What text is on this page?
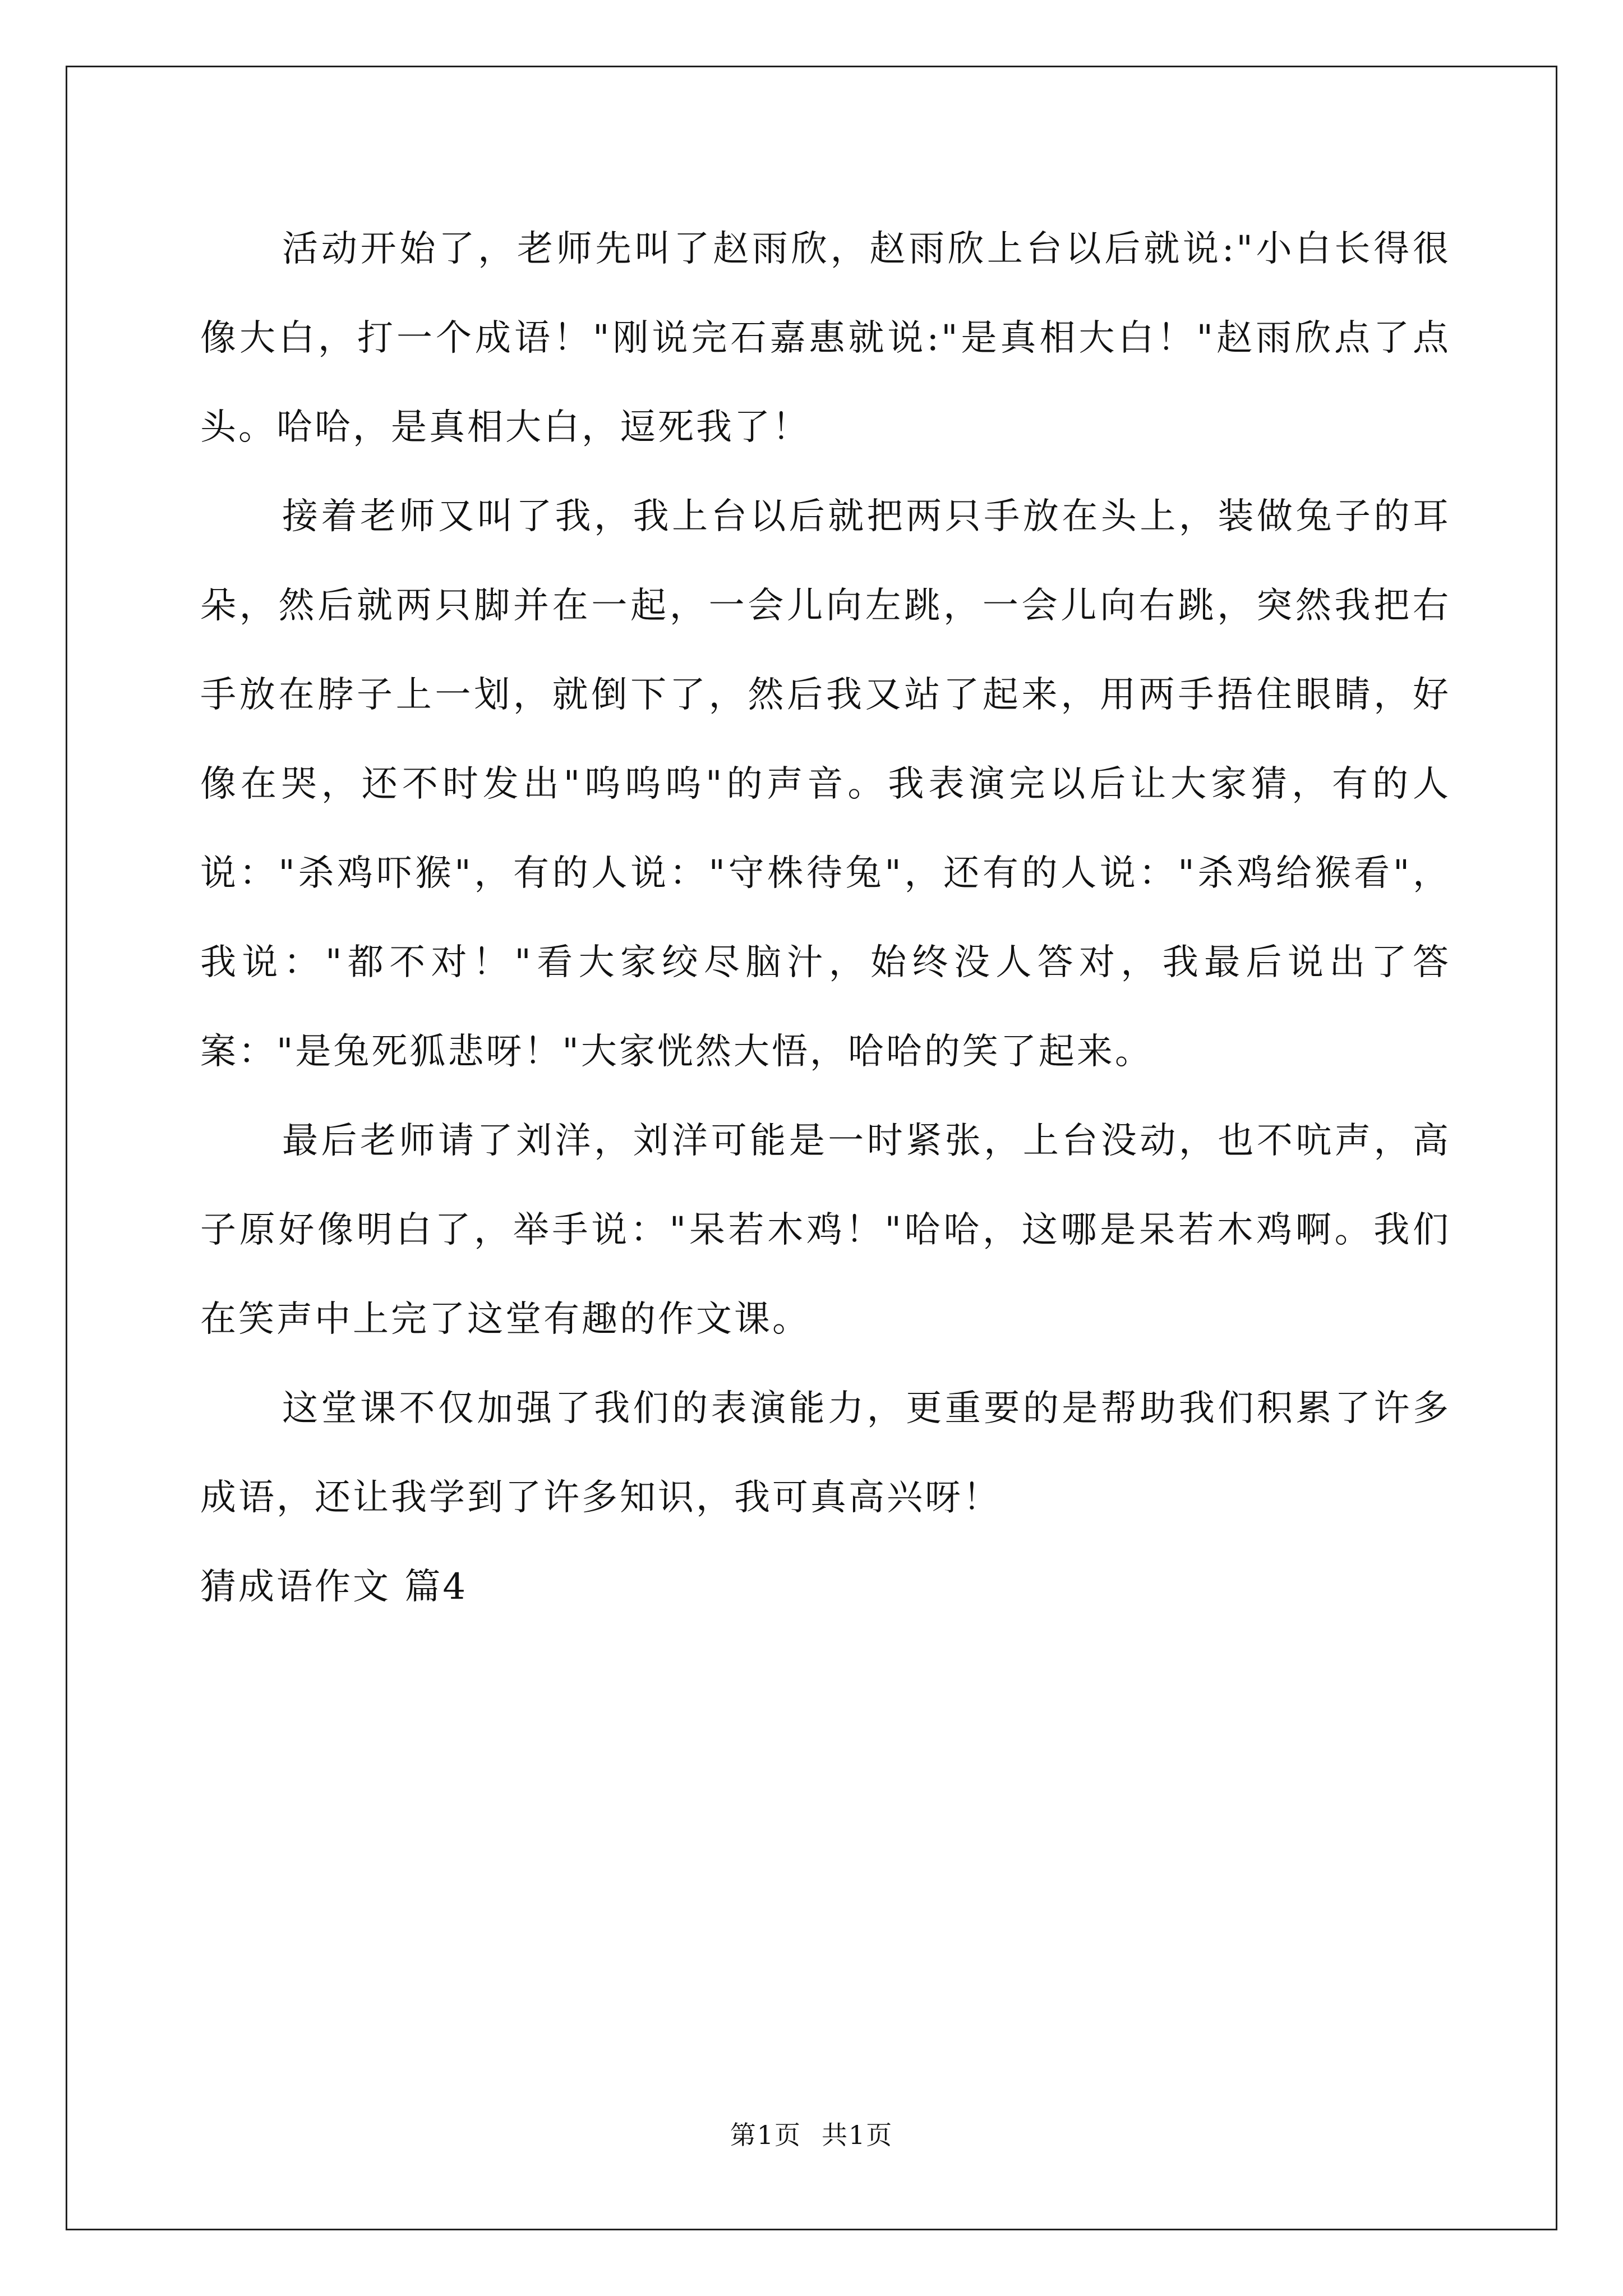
活动开始了，老师先叫了赵雨欣，赵雨欣上台以后就说:"小白长得很像大白，打一个成语！"刚说完石嘉惠就说:"是真相大白！"赵雨欣点了点头。哈哈，是真相大白，逗死我了！

接着老师又叫了我，我上台以后就把两只手放在头上，装做兔子的耳朵，然后就两只脚并在一起，一会儿向左跳，一会儿向右跳，突然我把右手放在脖子上一划，就倒下了，然后我又站了起来，用两手捂住眼睛，好像在哭，还不时发出"呜呜呜"的声音。我表演完以后让大家猜，有的人说："杀鸡吓猴"，有的人说："守株待兔"，还有的人说："杀鸡给猴看"，我说："都不对！"看大家绞尽脑汁，始终没人答对，我最后说出了答案："是兔死狐悲呀！"大家恍然大悟，哈哈的笑了起来。

最后老师请了刘洋，刘洋可能是一时紧张，上台没动，也不吭声，高子原好像明白了，举手说："呆若木鸡！"哈哈，这哪是呆若木鸡啊。我们在笑声中上完了这堂有趣的作文课。

这堂课不仅加强了我们的表演能力，更重要的是帮助我们积累了许多成语，还让我学到了许多知识，我可真高兴呀！

猜成语作文 篇4

第1页 共1页
